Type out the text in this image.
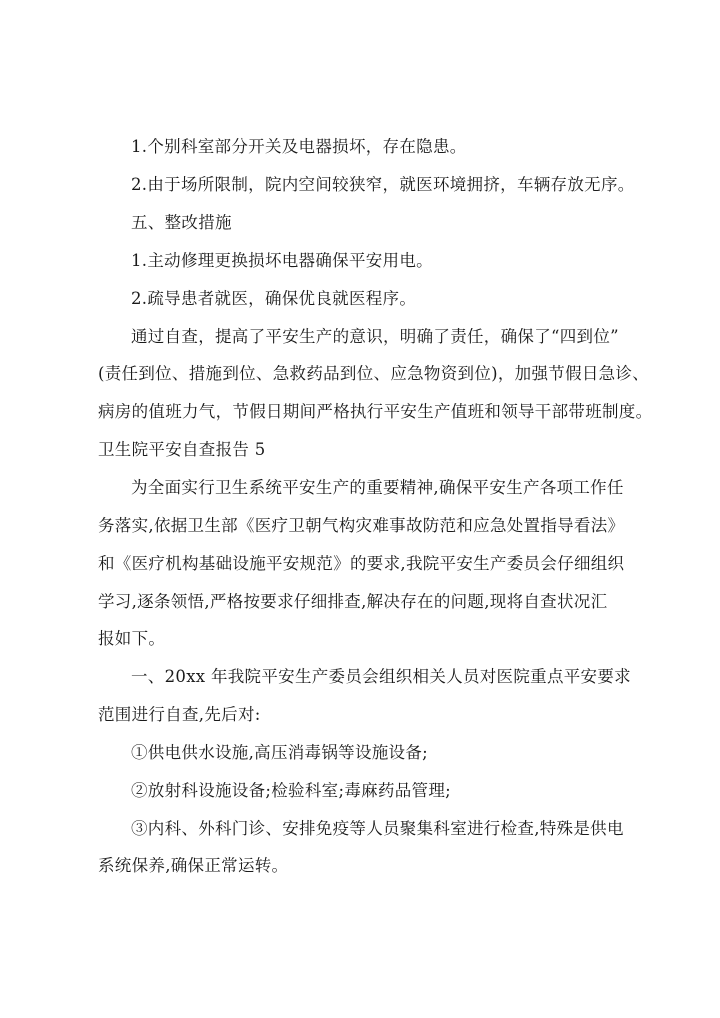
1.个别科室部分开关及电器损坏，存在隐患。
2.由于场所限制，院内空间较狭窄，就医环境拥挤，车辆存放无序。
五、整改措施
1.主动修理更换损坏电器确保平安用电。
2.疏导患者就医，确保优良就医程序。
通过自查，提高了平安生产的意识，明确了责任，确保了“四到位”
(责任到位、措施到位、急救药品到位、应急物资到位)，加强节假日急诊、
病房的值班力气，节假日期间严格执行平安生产值班和领导干部带班制度。
卫生院平安自查报告 5
为全面实行卫生系统平安生产的重要精神,确保平安生产各项工作任
务落实,依据卫生部《医疗卫朝气构灾难事故防范和应急处置指导看法》
和《医疗机构基础设施平安规范》的要求,我院平安生产委员会仔细组织
学习,逐条领悟,严格按要求仔细排查,解决存在的问题,现将自查状况汇
报如下。
一、20xx 年我院平安生产委员会组织相关人员对医院重点平安要求
范围进行自查,先后对:
①供电供水设施,高压消毒锅等设施设备;
②放射科设施设备;检验科室;毒麻药品管理;
③内科、外科门诊、安排免疫等人员聚集科室进行检查,特殊是供电
系统保养,确保正常运转。
